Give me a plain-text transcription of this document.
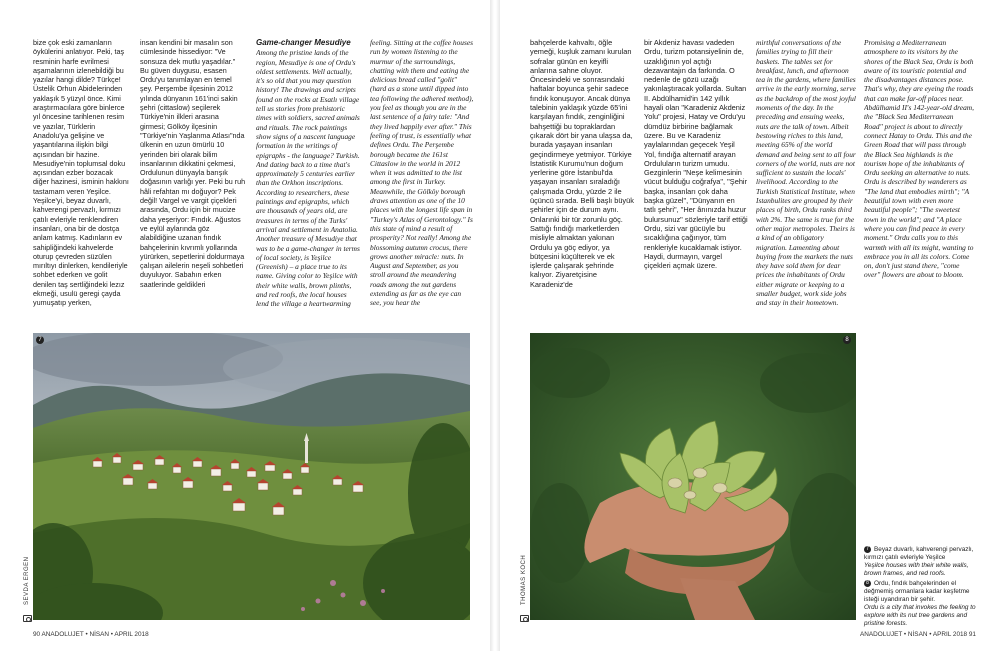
bize çok eski zamanların öykülerini anlatıyor. Peki, taş resminin harfe evrilmesi aşamalarının izlenebildiği bu yazılar hangi dilde? Türkçe! Üstelik Orhun Abidelerinden yaklaşık 5 yüzyıl önce. Kimi araştırmacılara göre binlerce yıl öncesine tarihlenen resim ve yazılar, Türklerin Anadolu'ya gelişine ve yaşantılarına ilişkin bilgi açısından bir hazine. Mesudiye'nin toplumsal doku açısından ezber bozacak diğer hazinesi, isminin hakkını tastamam veren Yeşilce. Yeşilce'yi, beyaz duvarlı, kahverengi pervazlı, kırmızı çatılı evleriyle renklendiren insanları, ona bir de dostça anlam katmış. Kadınların ev sahipliğindeki kahvelerde oturup çevreden süzülen mırıltıyı dinlerken, kendileriyle sohbet ederken ve golit denilen taş sertliğindeki lezız ekmeği, usulü geregi çayda yumuşatıp yerken,

insan kendini bir masalın son cümlesinde hissediyor: "Ve sonsuza dek mutlu yaşadılar." Bu güven duygusu, esasen Ordu'yu tanımlayan en temel şey. Perşembe ilçesinin 2012 yılında dünyanın 161'inci sakin şehri (cittaslow) seçilerek Türkiye'nin ilkleri arasına girmesi; Gölköy ilçesinin "Türkiye'nin Yaşlanma Atlası"nda ülkenin en uzun ömürlü 10 yerinden biri olarak bilim insanlarının dikkatini çekmesi, Ordulunun dünyayla barışık doğasının varlığı yer. Peki bu ruh hâli refahtan mı doğuyor? Pek değil! Vargel ve vargit çiçekleri arasında, Ordu için bir mucize daha yeşeriyor: Fındık. Ağustos ve eylül aylarında göz alabildiğine uzanan fındık bahçelerinin kıvrımlı yollarında yürürken, sepetlerini doldurmaya çalışan ailelerin neşeli sohbetleri duyuluyor. Sabahın erken saatlerinde geldikleri

Game-changer Mesudiye

Among the pristine lands of the region, Mesudiye is one of Ordu's oldest settlements. Well actually, it's so old that you may question history! The drawings and scripts found on the rocks at Esatlı village tell us stories from prehistoric times with soldiers, sacred animals and rituals. The rock paintings show signs of a nascent language formation in the writings of epigraphs - the language? Turkish. And dating back to a time that's approximately 5 centuries earlier than the Orkhon inscriptions. According to researchers, these paintings and epigraphs, which are thousands of years old, are treasures in terms of the Turks' arrival and settlement in Anatolia. Another treasure of Mesudiye that was to be a game-changer in terms of local society, is Yeşilce (Greenish) – a place true to its name. Giving color to Yeşilce with their white walls, brown plinths, and red roofs, the local houses lend the village a heartwarming

feeling. Sitting at the coffee houses run by women listening to the murmur of the surroundings, chatting with them and eating the delicious bread called "golit" (hard as a stone until dipped into tea following the adhered method), you feel as though you are in the last sentence of a fairy tale: "And they lived happily ever after." This feeling of trust, is essentially what defines Ordu. The Perşembe borough became the 161st Cittaslow in the world in 2012 when it was admitted to the list among the first in Turkey. Meanwhile, the Gölköy borough draws attention as one of the 10 places with the longest life span in "Turkey's Atlas of Gerontology." Is this state of mind a result of prosperity? Not really! Among the blossoming autumn crocus, there grows another miracle: nuts. In August and September, as you stroll around the meandering roads among the nut gardens extending as far as the eye can see, you hear the

7
SEVDA ERGEN
90 ANADOLUJET • NİSAN • APRIL 2018

bahçelerde kahvaltı, öğle yemeği, kuşluk zamanı kurulan sofralar günün en keyifli anlarına sahne oluyor. Öncesindeki ve sonrasındaki haftalar boyunca şehir sadece fındık konuşuyor. Ancak dünya talebinin yaklaşık yüzde 65'ini karşılayan fındık, zenginliğini bahşettiği bu topraklardan çıkarak dört bir yana ulaşsa da, burada yaşayan insanları geçindirmeye yetmiyor. Türkiye İstatistik Kurumu'nun doğum yerlerine göre İstanbul'da yaşayan insanları sıraladığı çalışmada Ordu, yüzde 2 ile üçüncü sırada. Belli başlı büyük şehirler için de durum aynı. Onlarınki bir tür zorunlu göç. Sattığı fındığı marketlerden misliyle almaktan yakınan Ordulu ya göç ediyor, ya bütçesini küçülterek ve ek işlerde çalışarak şehrinde kalıyor. Ziyaretçisine Karadeniz'de

bir Akdeniz havası vadeden Ordu, turizm potansiyelinin de, uzaklığının yol açtığı dezavantajın da farkında. O nedenle de gözü uzağı yakınlaştıracak yollarda. Sultan II. Abdülhamid'in 142 yıllık hayali olan "Karadeniz Akdeniz Yolu" projesi, Hatay ve Ordu'yu dümdüz birbirine bağlamak üzere. Bu ve Karadeniz yaylalarından geçecek Yeşil Yol, fındığa alternatif arayan Orduluların turizm umudu. Gezginlerin "Neşe kelimesinin vücut bulduğu coğrafya", "Şehir başka, insanları çok daha başka güzel", "Dünyanın en tatlı şehri", "Her ânınızda huzur bulursunuz" sözleriyle tarif ettiği Ordu, sizi var gücüyle bu sıcaklığına çağırıyor, tüm renkleriyle kucaklamak istiyor. Haydi, durmayın, vargel çiçekleri açmak üzere.

mirthful conversations of the families trying to fill their baskets. The tables set for breakfast, lunch, and afternoon tea in the gardens, where families arrive in the early morning, serve as the backdrop of the most joyful moments of the day. In the preceding and ensuing weeks, nuts are the talk of town. Albeit bestowing riches to this land, meeting 65% of the world demand and being sent to all four corners of the world, nuts are not sufficient to sustain the locals' livelihood. According to the Turkish Statistical Institute, when Istanbulites are grouped by their places of birth, Ordu ranks third with 2%. The same is true for the other major metropoles. Theirs is a kind of an obligatory migration. Lamenting about buying from the markets the nuts they have sold them for dear prices the inhabitants of Ordu either migrate or keeping to a smaller budget, work side jobs and stay in their hometown.

Promising a Mediterranean atmosphere to its visitors by the shores of the Black Sea, Ordu is both aware of its touristic potential and the disadvantages distances pose. That's why, they are eyeing the roads that can make far-off places near. Abdülhamid II's 142-year-old dream, the "Black Sea Mediterranean Road" project is about to directly connect Hatay to Ordu. This and the Green Road that will pass through the Black Sea highlands is the tourism hope of the inhabitants of Ordu seeking an alternative to nuts. Ordu is described by wanderers as "The land that embodies mirth"; "A beautiful town with even more beautiful people"; "The sweetest town in the world"; and "A place where you can find peace in every moment." Ordu calls you to this warmth with all its might, wanting to embrace you in all its colors. Come on, don't just stand there, "come over" flowers are about to bloom.

8
THOMAS KOCH
7 Beyaz duvarlı, kahverengi pervazlı, kırmızı çatılı evleriyle Yeşilce
Yeşilce houses with their white walls, brown frames, and red roofs.
8 Ordu, fındık bahçelerinden el değmemiş ormanlara kadar keşfetme isteği uyandıran bir şehir.
Ordu is a city that invokes the feeling to explore with its nut tree gardens and pristine forests.
ANADOLUJET • NİSAN • APRIL 2018 91
